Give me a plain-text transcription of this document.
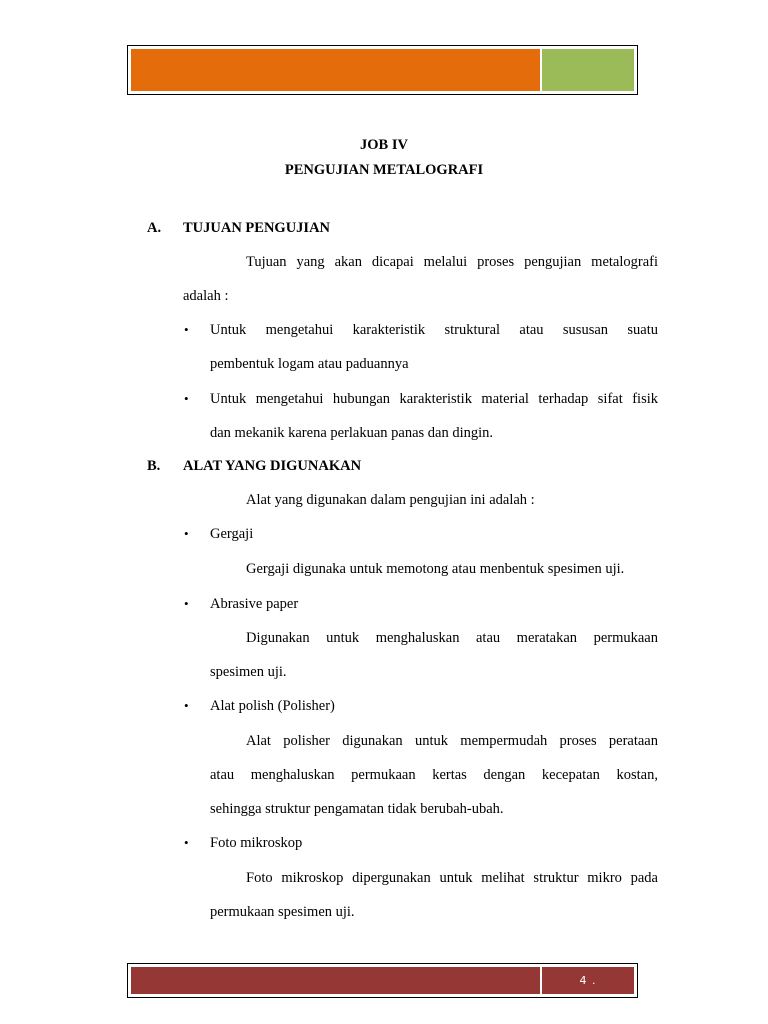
JOB IV
PENGUJIAN METALOGRAFI
A. TUJUAN PENGUJIAN
Tujuan yang akan dicapai melalui proses pengujian metalografi
adalah :
• Untuk mengetahui karakteristik struktural atau sususan suatu
pembentuk logam atau paduannya
• Untuk mengetahui hubungan karakteristik material terhadap sifat fisik
dan mekanik karena perlakuan panas dan dingin.
B. ALAT YANG DIGUNAKAN
Alat yang digunakan dalam pengujian ini adalah :
• Gergaji
Gergaji digunaka untuk memotong atau menbentuk spesimen uji.
• Abrasive paper
Digunakan untuk menghaluskan atau meratakan permukaan
spesimen uji.
• Alat polish (Polisher)
Alat polisher digunakan untuk mempermudah proses perataan
atau menghaluskan permukaan kertas dengan kecepatan kostan,
sehingga struktur pengamatan tidak berubah-ubah.
• Foto mikroskop
Foto mikroskop dipergunakan untuk melihat struktur mikro pada
permukaan spesimen uji.
4 .
